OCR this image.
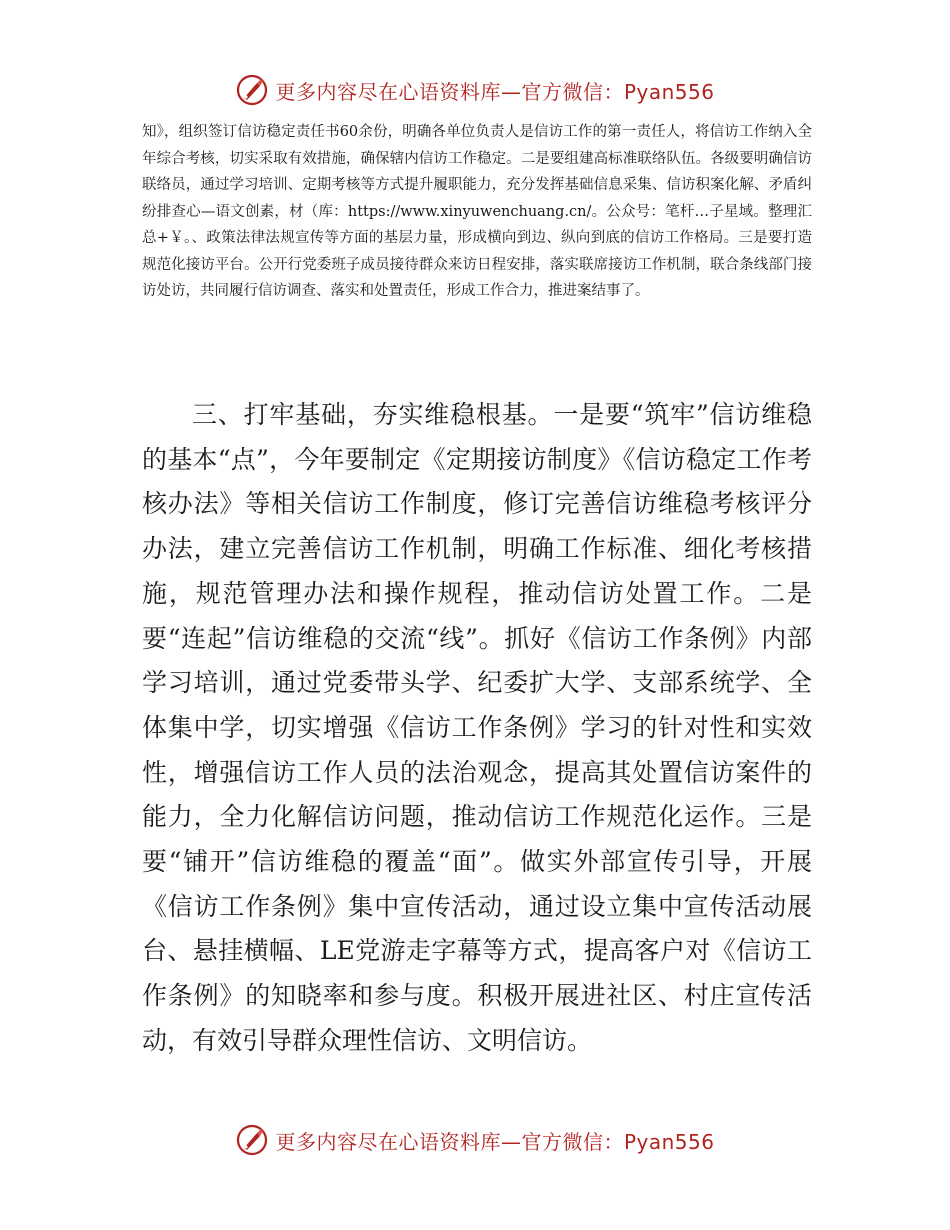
更多内容尽在心语资料库—官方微信：Pyan556

知》，组织签订信访稳定责任书60余份，明确各单位负责人是信访工作的第一责任人，将信访工作纳入全年综合考核，切实采取有效措施，确保辖内信访工作稳定。二是要组建高标准联络队伍。各级要明确信访联络员，通过学习培训、定期考核等方式提升履职能力，充分发挥基础信息采集、信访积案化解、矛盾纠纷排查心—语文创素，材（库：https://www.xinyuwenchuang.cn/。公众号：笔杆…子星域。整理汇总+￥。、政策法律法规宣传等方面的基层力量，形成横向到边、纵向到底的信访工作格局。三是要打造规范化接访平台。公开行党委班子成员接待群众来访日程安排，落实联席接访工作机制，联合条线部门接访处访，共同履行信访调查、落实和处置责任，形成工作合力，推进案结事了。

三、打牢基础，夯实维稳根基。一是要“筑牢”信访维稳的基本“点”，今年要制定《定期接访制度》《信访稳定工作考核办法》等相关信访工作制度，修订完善信访维稳考核评分办法，建立完善信访工作机制，明确工作标准、细化考核措施，规范管理办法和操作规程，推动信访处置工作。二是要“连起”信访维稳的交流“线”。抓好《信访工作条例》内部学习培训，通过党委带头学、纪委扩大学、支部系统学、全体集中学，切实增强《信访工作条例》学习的针对性和实效性，增强信访工作人员的法治观念，提高其处置信访案件的能力，全力化解信访问题，推动信访工作规范化运作。三是要“铺开”信访维稳的覆盖“面”。做实外部宣传引导，开展《信访工作条例》集中宣传活动，通过设立集中宣传活动展台、悬挂横幅、LE党游走字幕等方式，提高客户对《信访工作条例》的知晓率和参与度。积极开展进社区、村庄宣传活动，有效引导群众理性信访、文明信访。

更多内容尽在心语资料库—官方微信：Pyan556
